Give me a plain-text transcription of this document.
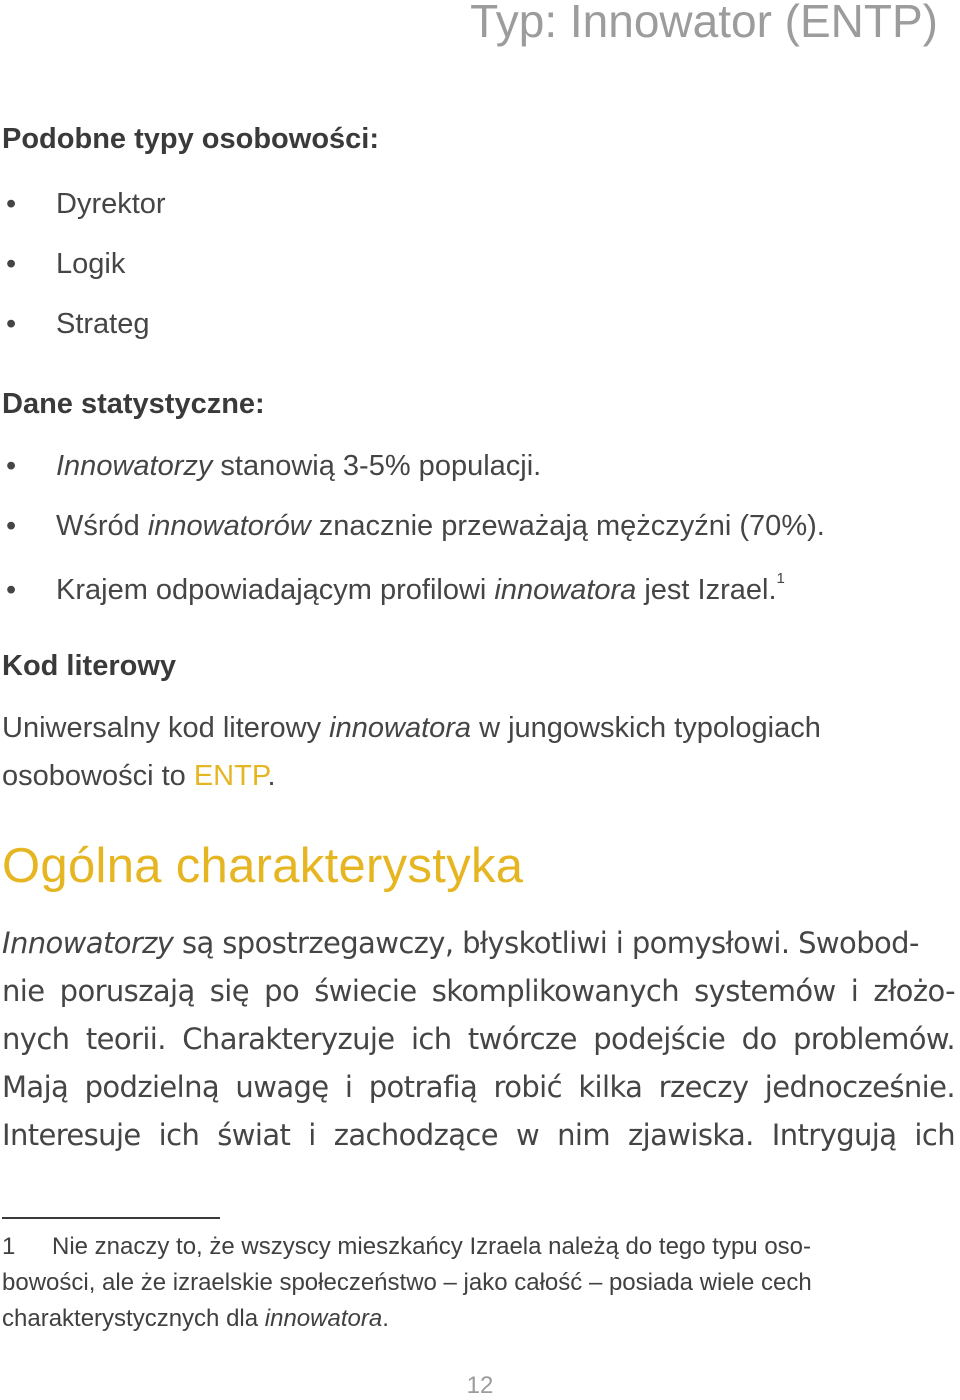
Typ: Innowator (ENTP)
Podobne typy osobowości:
• Dyrektor
• Logik
• Strateg
Dane statystyczne:
• Innowatorzy stanowią 3-5% populacji.
• Wśród innowatorów znacznie przeważają mężczyźni (70%).
• Krajem odpowiadającym profilowi innowatora jest Izrael.$^1$
Kod literowy

Uniwersalny kod literowy innowatora w jungowskich typologiach

osobowości to ENTP.

Ogólna charakterystyka
Innowatorzy są spostrzegawczy, błyskotliwi i pomysłowi. Swobod-
nie poruszają się po świecie skomplikowanych systemów i złożo-
nych teorii. Charakteryzuje ich twórcze podejście do problemów.
Mają podzielną uwagę i potrafią robić kilka rzeczy jednocześnie.
Interesuje ich świat i zachodzące w nim zjawiska. Intrygują ich

1 Nie znaczy to, że wszyscy mieszkańcy Izraela należą do tego typu oso-

bowości, ale że izraelskie społeczeństwo – jako całość – posiada wiele cech

charakterystycznych dla innowatora.

12
